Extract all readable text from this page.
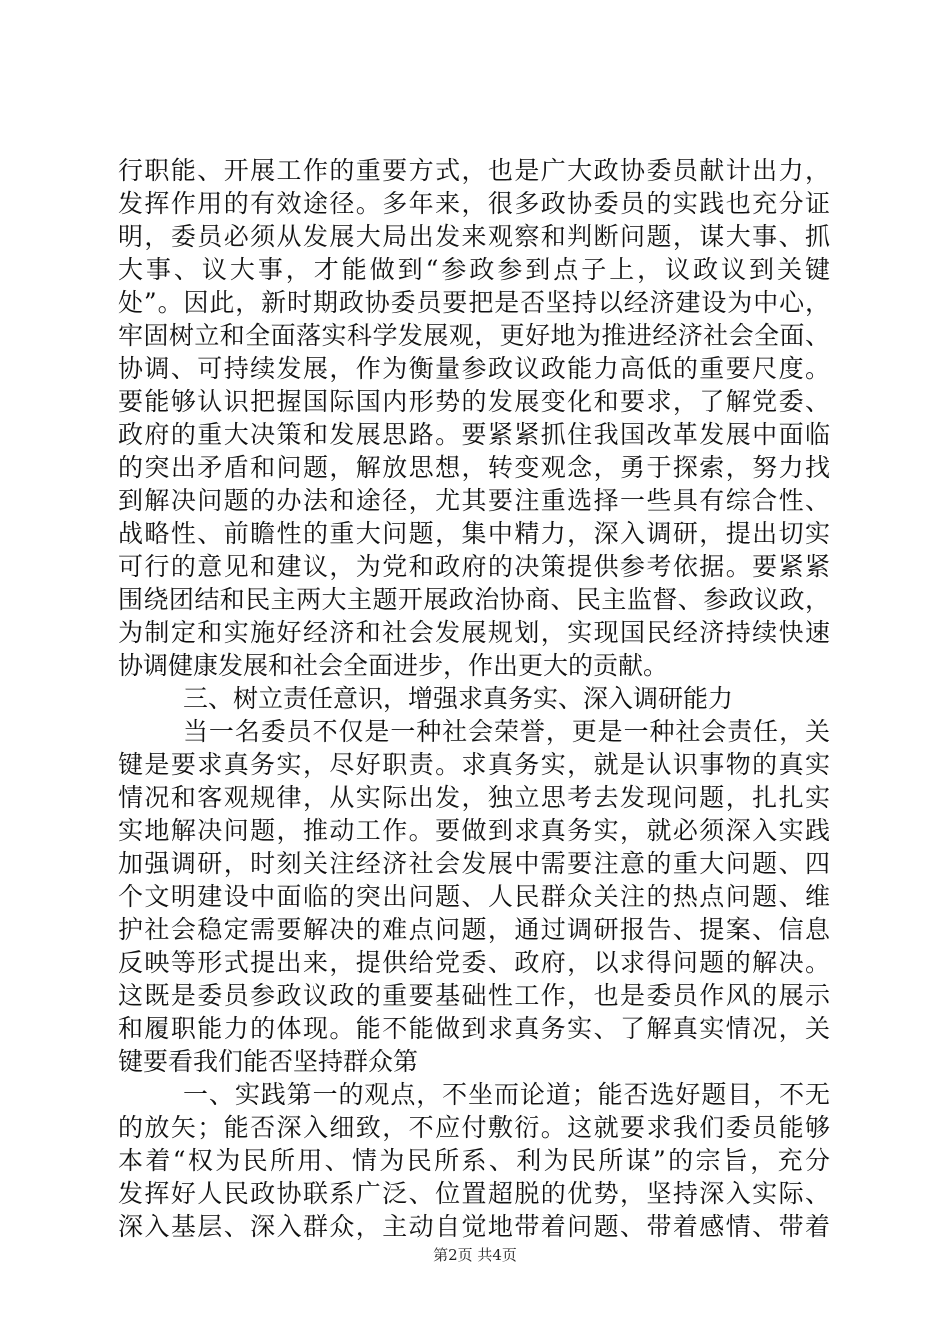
行职能、开展工作的重要方式，也是广大政协委员献计出力，
发挥作用的有效途径。多年来，很多政协委员的实践也充分证
明，委员必须从发展大局出发来观察和判断问题，谋大事、抓
大事、议大事，才能做到“参政参到点子上，议政议到关键
处”。因此，新时期政协委员要把是否坚持以经济建设为中心，
牢固树立和全面落实科学发展观，更好地为推进经济社会全面、
协调、可持续发展，作为衡量参政议政能力高低的重要尺度。
要能够认识把握国际国内形势的发展变化和要求，了解党委、
政府的重大决策和发展思路。要紧紧抓住我国改革发展中面临
的突出矛盾和问题，解放思想，转变观念，勇于探索，努力找
到解决问题的办法和途径，尤其要注重选择一些具有综合性、
战略性、前瞻性的重大问题，集中精力，深入调研，提出切实
可行的意见和建议，为党和政府的决策提供参考依据。要紧紧
围绕团结和民主两大主题开展政治协商、民主监督、参政议政，
为制定和实施好经济和社会发展规划，实现国民经济持续快速
协调健康发展和社会全面进步，作出更大的贡献。
三、树立责任意识，增强求真务实、深入调研能力
当一名委员不仅是一种社会荣誉，更是一种社会责任，关
键是要求真务实，尽好职责。求真务实，就是认识事物的真实
情况和客观规律，从实际出发，独立思考去发现问题，扎扎实
实地解决问题，推动工作。要做到求真务实，就必须深入实践
加强调研，时刻关注经济社会发展中需要注意的重大问题、四
个文明建设中面临的突出问题、人民群众关注的热点问题、维
护社会稳定需要解决的难点问题，通过调研报告、提案、信息
反映等形式提出来，提供给党委、政府，以求得问题的解决。
这既是委员参政议政的重要基础性工作，也是委员作风的展示
和履职能力的体现。能不能做到求真务实、了解真实情况，关
键要看我们能否坚持群众第
一、实践第一的观点，不坐而论道；能否选好题目，不无
的放矢；能否深入细致，不应付敷衍。这就要求我们委员能够
本着“权为民所用、情为民所系、利为民所谋”的宗旨，充分
发挥好人民政协联系广泛、位置超脱的优势，坚持深入实际、
深入基层、深入群众，主动自觉地带着问题、带着感情、带着
第2页 共4页
